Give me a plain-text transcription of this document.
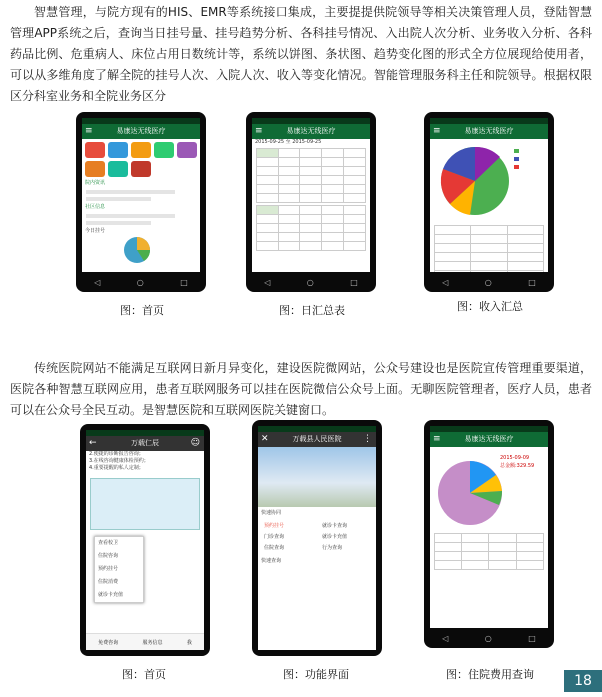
智慧管理，与院方现有的HIS、EMR等系统接口集成，主要提提供院领导等相关决策管理人员，登陆智慧管理APP系统之后，查询当日挂号量、挂号趋势分析、各科挂号情况、入出院人次分析、业务收入分析、各科药品比例、危重病人、床位占用日数统计等，系统以饼图、条状图、趋势变化图的形式全方位展现给使用者，可以从多维角度了解全院的挂号人次、入院人次、收入等变化情况。智能管理服务科主任和院领导。根据权限区分科室业务和全院业务区分

≡	易康达无线医疗
院内资讯
社区信息
今日挂号
◁	○	□
≡	易康达无线医疗
2015-09-25 至 2015-09-25

◁	○	□
≡	易康达无线医疗

◁	○	□
图：首页	图：日汇总表	图：收入汇总

传统医院网站不能满足互联网日新月异变化，建设医院微网站，公众号建设也是医院宣传管理重要渠道，医院各种智慧互联网应用，患者互联网服务可以挂在医院微信公众号上面。无聊医院管理者，医疗人员，患者可以在公众号全民互动。是智慧医院和互联网医院关键窗口。

←	万载仁辰	☺
2.便捷的诊断报告咨询；
3.在线咨询健康体检预约；
4.重要提醒的私人定制；
查看校卫
住院咨询
预约挂号
住院消费
就诊卡充值
免费咨询	服务信息	我
✕	万载县人民医院 ⋮
快速协同
预约挂号	就诊卡查询
门诊查询	就诊卡充值
住院查询	行为查询
快速查询
≡	易康达无线医疗
2015-09-09
总金额:329.59

◁	○	□
图：首页	图：功能界面	图：住院费用查询	18
